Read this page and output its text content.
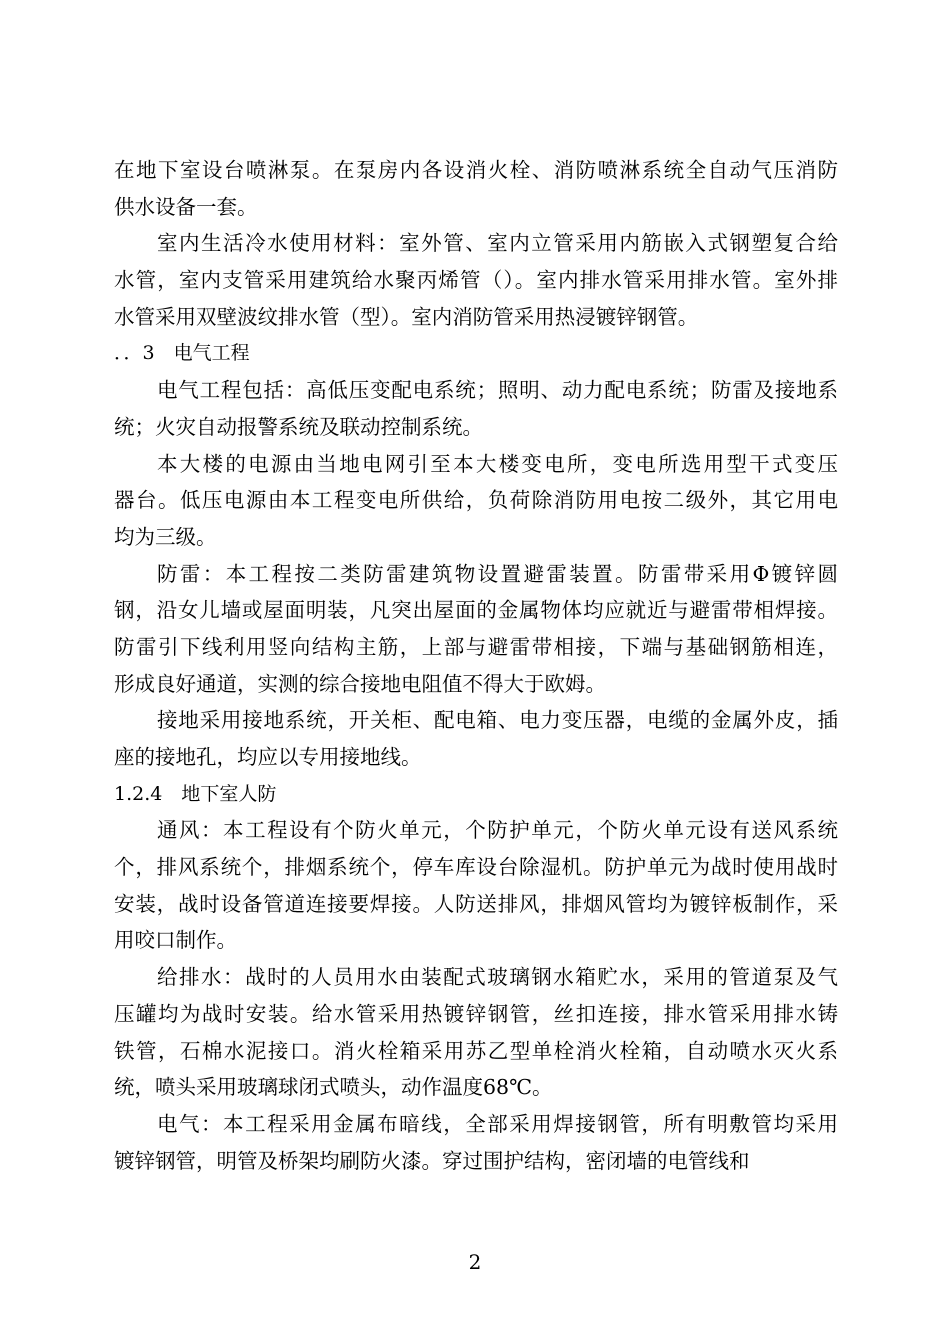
在地下室设台喷淋泵。在泵房内各设消火栓、消防喷淋系统全自动气压消防
供水设备一套。
室内生活冷水使用材料：室外管、室内立管采用内筋嵌入式钢塑复合给
水管，室内支管采用建筑给水聚丙烯管（）。室内排水管采用排水管。室外排
水管采用双壁波纹排水管（型）。室内消防管采用热浸镀锌钢管。
．．3　电气工程
电气工程包括：高低压变配电系统；照明、动力配电系统；防雷及接地系
统；火灾自动报警系统及联动控制系统。
本大楼的电源由当地电网引至本大楼变电所，变电所选用型干式变压
器台。低压电源由本工程变电所供给，负荷除消防用电按二级外，其它用电
均为三级。
防雷：本工程按二类防雷建筑物设置避雷装置。防雷带采用Φ镀锌圆
钢，沿女儿墙或屋面明装，凡突出屋面的金属物体均应就近与避雷带相焊接。
防雷引下线利用竖向结构主筋，上部与避雷带相接，下端与基础钢筋相连，
形成良好通道，实测的综合接地电阻值不得大于欧姆。
接地采用接地系统，开关柜、配电箱、电力变压器，电缆的金属外皮，插
座的接地孔，均应以专用接地线。
1.2.4　地下室人防
通风：本工程设有个防火单元，个防护单元，个防火单元设有送风系统
个，排风系统个，排烟系统个，停车库设台除湿机。防护单元为战时使用战时
安装，战时设备管道连接要焊接。人防送排风，排烟风管均为镀锌板制作，采
用咬口制作。
给排水：战时的人员用水由装配式玻璃钢水箱贮水，采用的管道泵及气
压罐均为战时安装。给水管采用热镀锌钢管，丝扣连接，排水管采用排水铸
铁管，石棉水泥接口。消火栓箱采用苏乙型单栓消火栓箱，自动喷水灭火系
统，喷头采用玻璃球闭式喷头，动作温度68℃。
电气：本工程采用金属布暗线，全部采用焊接钢管，所有明敷管均采用
镀锌钢管，明管及桥架均刷防火漆。穿过围护结构，密闭墙的电管线和
2
